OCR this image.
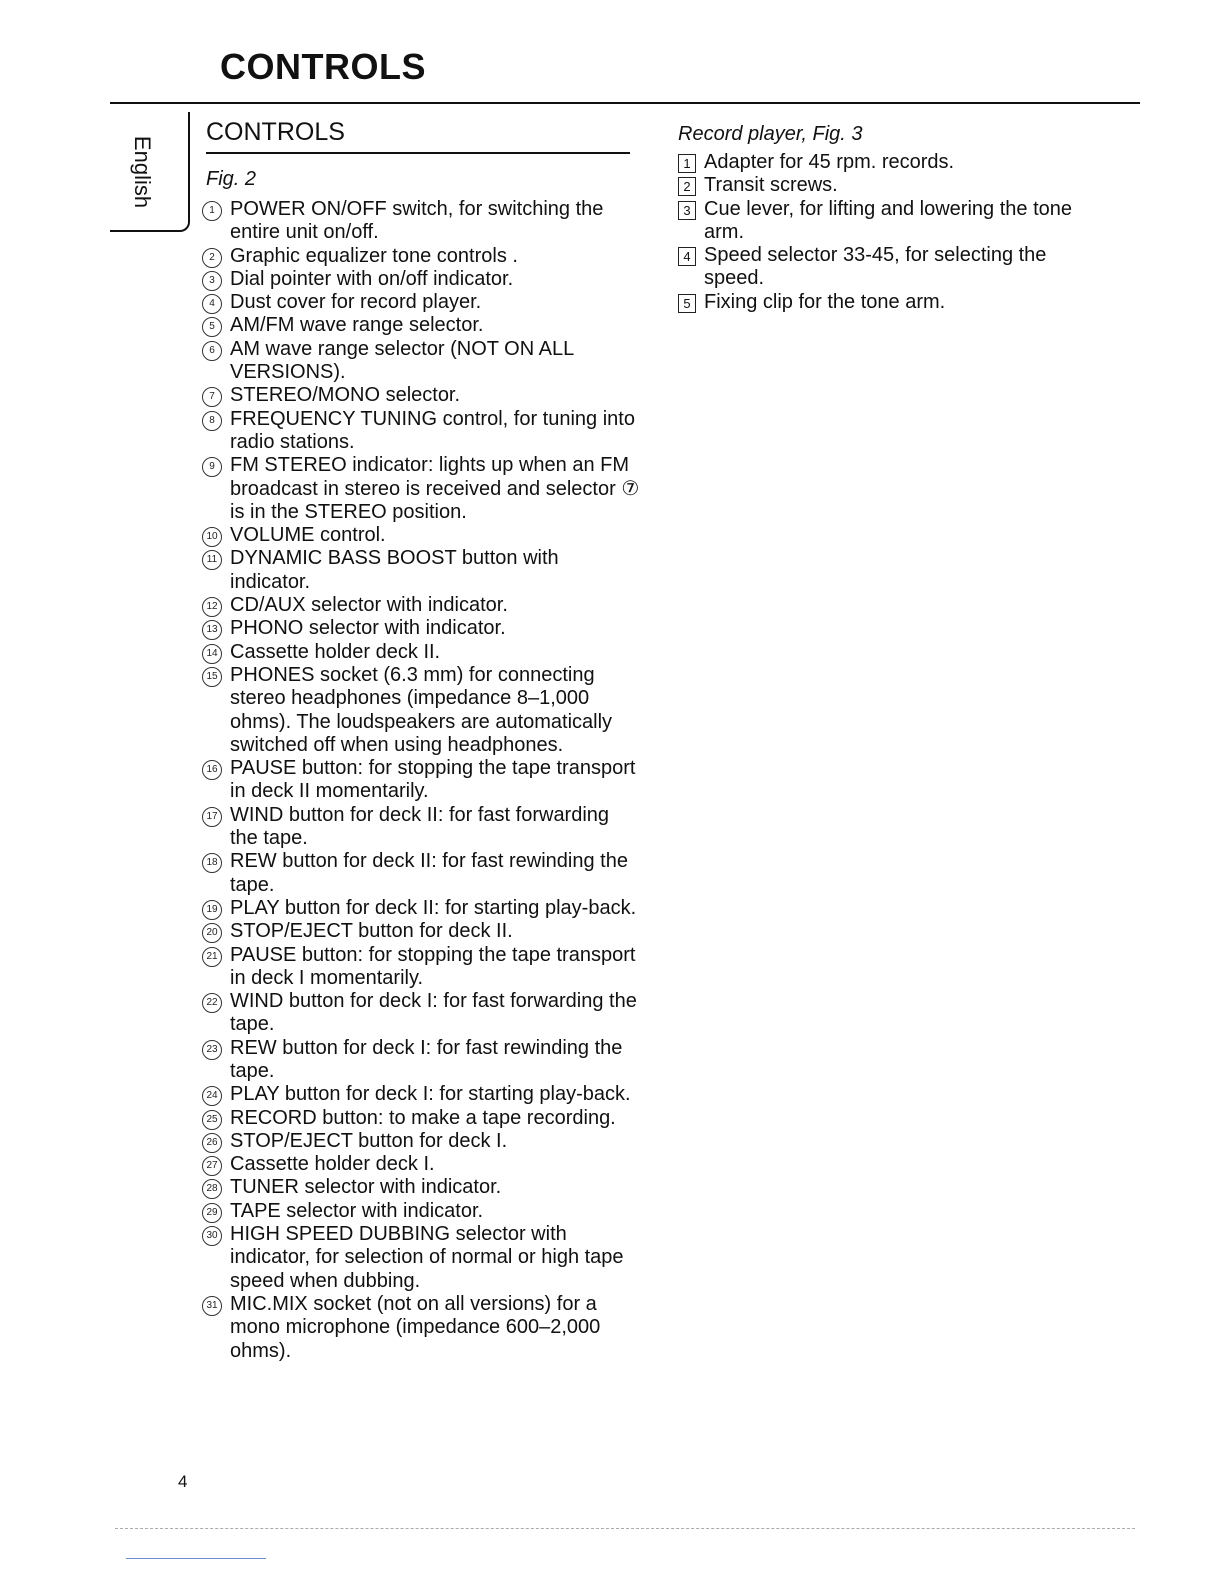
CONTROLS
English
CONTROLS
Fig. 2
1 POWER ON/OFF switch, for switching the entire unit on/off.
2 Graphic equalizer tone controls .
3 Dial pointer with on/off indicator.
4 Dust cover for record player.
5 AM/FM wave range selector.
6 AM wave range selector (NOT ON ALL VERSIONS).
7 STEREO/MONO selector.
8 FREQUENCY TUNING control, for tuning into radio stations.
9 FM STEREO indicator: lights up when an FM broadcast in stereo is received and selector ⑦ is in the STEREO position.
10 VOLUME control.
11 DYNAMIC BASS BOOST button with indicator.
12 CD/AUX selector with indicator.
13 PHONO selector with indicator.
14 Cassette holder deck II.
15 PHONES socket (6.3 mm) for connecting stereo headphones (impedance 8–1,000 ohms). The loudspeakers are automatically switched off when using headphones.
16 PAUSE button: for stopping the tape transport in deck II momentarily.
17 WIND button for deck II: for fast forwarding the tape.
18 REW button for deck II: for fast rewinding the tape.
19 PLAY button for deck II: for starting play-back.
20 STOP/EJECT button for deck II.
21 PAUSE button: for stopping the tape transport in deck I momentarily.
22 WIND button for deck I: for fast forwarding the tape.
23 REW button for deck I: for fast rewinding the tape.
24 PLAY button for deck I: for starting play-back.
25 RECORD button: to make a tape recording.
26 STOP/EJECT button for deck I.
27 Cassette holder deck I.
28 TUNER selector with indicator.
29 TAPE selector with indicator.
30 HIGH SPEED DUBBING selector with indicator, for selection of normal or high tape speed when dubbing.
31 MIC.MIX socket (not on all versions) for a mono microphone (impedance 600–2,000 ohms).
Record player, Fig. 3
1 Adapter for 45 rpm. records.
2 Transit screws.
3 Cue lever, for lifting and lowering the tone arm.
4 Speed selector 33-45, for selecting the speed.
5 Fixing clip for the tone arm.
4
